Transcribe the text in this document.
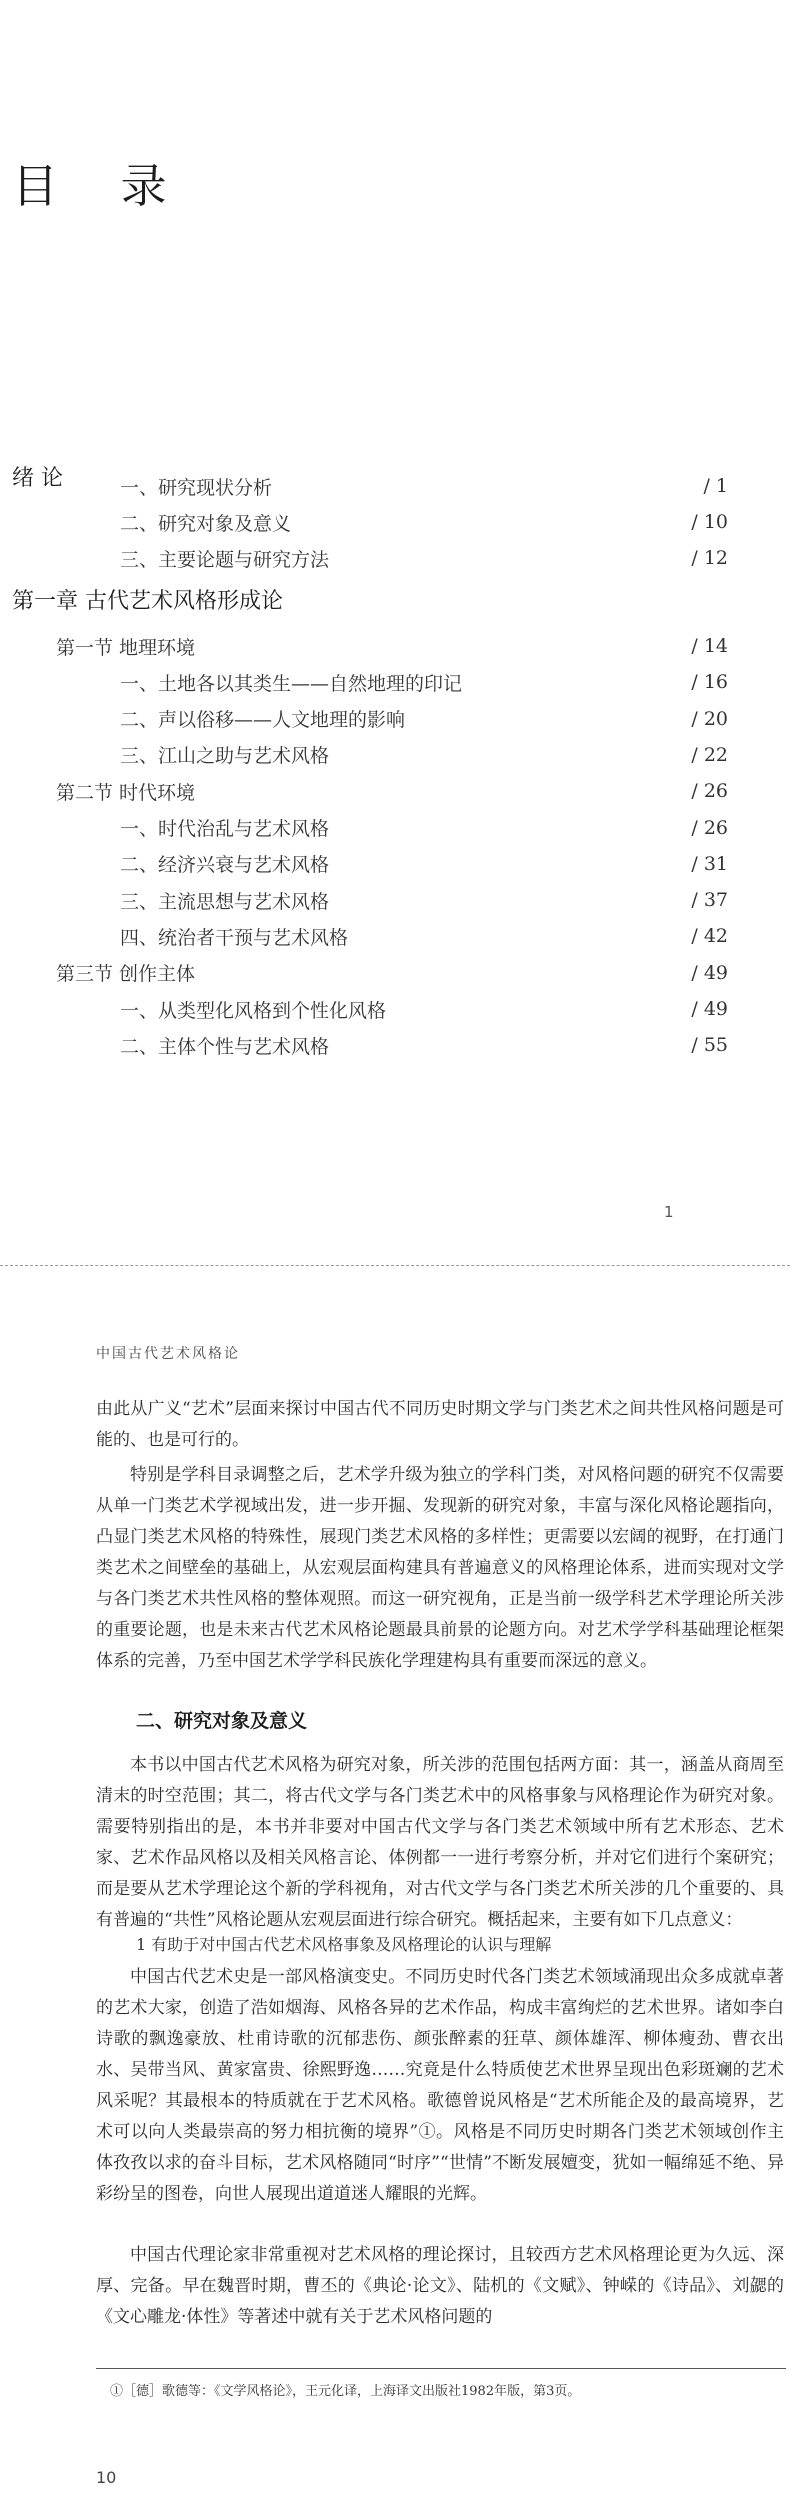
目 录
绪 论	一、研究现状分析	/ 1
二、研究对象及意义	/ 10
三、主要论题与研究方法	/ 12
第一章 古代艺术风格形成论
第一节 地理环境	/ 14
一、土地各以其类生——自然地理的印记	/ 16
二、声以俗移——人文地理的影响	/ 20
三、江山之助与艺术风格	/ 22
第二节 时代环境	/ 26
一、时代治乱与艺术风格	/ 26
二、经济兴衰与艺术风格	/ 31
三、主流思想与艺术风格	/ 37
四、统治者干预与艺术风格	/ 42
第三节 创作主体	/ 49
一、从类型化风格到个性化风格	/ 49
二、主体个性与艺术风格	/ 55
1
中国古代艺术风格论

由此从广义“艺术”层面来探讨中国古代不同历史时期文学与门类艺术之间共性风格问题是可能的、也是可行的。

特别是学科目录调整之后，艺术学升级为独立的学科门类，对风格问题的研究不仅需要从单一门类艺术学视域出发，进一步开掘、发现新的研究对象，丰富与深化风格论题指向，凸显门类艺术风格的特殊性，展现门类艺术风格的多样性；更需要以宏阔的视野，在打通门类艺术之间壁垒的基础上，从宏观层面构建具有普遍意义的风格理论体系，进而实现对文学与各门类艺术共性风格的整体观照。而这一研究视角，正是当前一级学科艺术学理论所关涉的重要论题，也是未来古代艺术风格论题最具前景的论题方向。对艺术学学科基础理论框架体系的完善，乃至中国艺术学学科民族化学理建构具有重要而深远的意义。

二、研究对象及意义

本书以中国古代艺术风格为研究对象，所关涉的范围包括两方面：其一，涵盖从商周至清末的时空范围；其二，将古代文学与各门类艺术中的风格事象与风格理论作为研究对象。需要特别指出的是，本书并非要对中国古代文学与各门类艺术领域中所有艺术形态、艺术家、艺术作品风格以及相关风格言论、体例都一一进行考察分析，并对它们进行个案研究；而是要从艺术学理论这个新的学科视角，对古代文学与各门类艺术所关涉的几个重要的、具有普遍的“共性”风格论题从宏观层面进行综合研究。概括起来，主要有如下几点意义：

1 有助于对中国古代艺术风格事象及风格理论的认识与理解

中国古代艺术史是一部风格演变史。不同历史时代各门类艺术领域涌现出众多成就卓著的艺术大家，创造了浩如烟海、风格各异的艺术作品，构成丰富绚烂的艺术世界。诸如李白诗歌的飘逸豪放、杜甫诗歌的沉郁悲伤、颜张醉素的狂草、颜体雄浑、柳体瘦劲、曹衣出水、吴带当风、黄家富贵、徐熙野逸……究竟是什么特质使艺术世界呈现出色彩斑斓的艺术风采呢？其最根本的特质就在于艺术风格。歌德曾说风格是“艺术所能企及的最高境界，艺术可以向人类最崇高的努力相抗衡的境界”①。风格是不同历史时期各门类艺术领域创作主体孜孜以求的奋斗目标，艺术风格随同“时序”“世情”不断发展嬗变，犹如一幅绵延不绝、异彩纷呈的图卷，向世人展现出道道迷人耀眼的光辉。

中国古代理论家非常重视对艺术风格的理论探讨，且较西方艺术风格理论更为久远、深厚、完备。早在魏晋时期，曹丕的《典论·论文》、陆机的《文赋》、钟嵘的《诗品》、刘勰的《文心雕龙·体性》等著述中就有关于艺术风格问题的

①［德］歌德等：《文学风格论》，王元化译，上海译文出版社1982年版，第3页。
10
